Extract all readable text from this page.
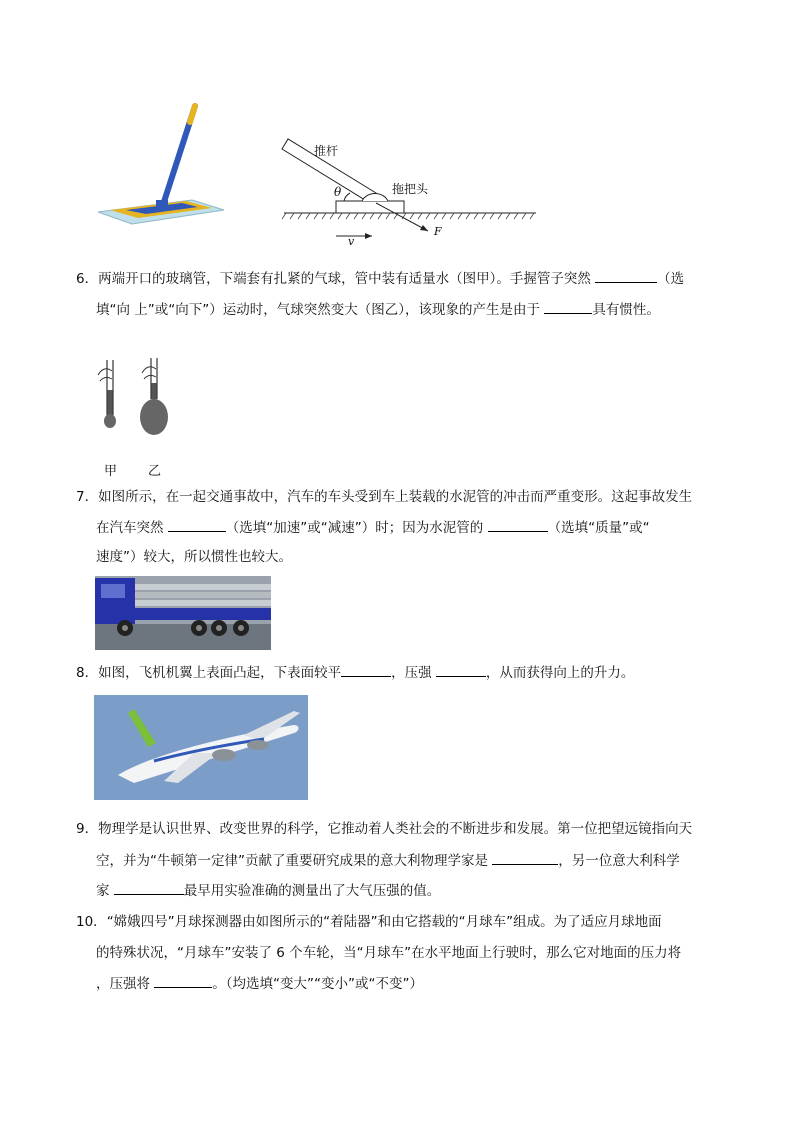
推杆
拖把头
θ
v
F
6．两端开口的玻璃管，下端套有扎紧的气球，管中装有适量水（图甲）。手握管子突然	（选
填“向 上”或“向下”）运动时，气球突然变大（图乙），该现象的产生是由于	具有惯性。
甲 乙
7．如图所示，在一起交通事故中，汽车的车头受到车上装载的水泥管的冲击而严重变形。这起事故发生
在汽车突然	（选填“加速”或“减速”）时；因为水泥管的	（选填“质量”或“
速度”）较大，所以惯性也较大。
8．如图，飞机机翼上表面凸起，下表面较平	，压强	，从而获得向上的升力。
9．物理学是认识世界、改变世界的科学，它推动着人类社会的不断进步和发展。第一位把望远镜指向天
空，并为“牛顿第一定律”贡献了重要研究成果的意大利物理学家是	，另一位意大利科学
家	最早用实验准确的测量出了大气压强的值。
10．“嫦娥四号”月球探测器由如图所示的“着陆器”和由它搭载的“月球车”组成。为了适应月球地面
的特殊状况，“月球车”安装了 6 个车轮，当“月球车”在水平地面上行驶时，那么它对地面的压力将
，压强将	。（均选填“变大”“变小”或“不变”）
